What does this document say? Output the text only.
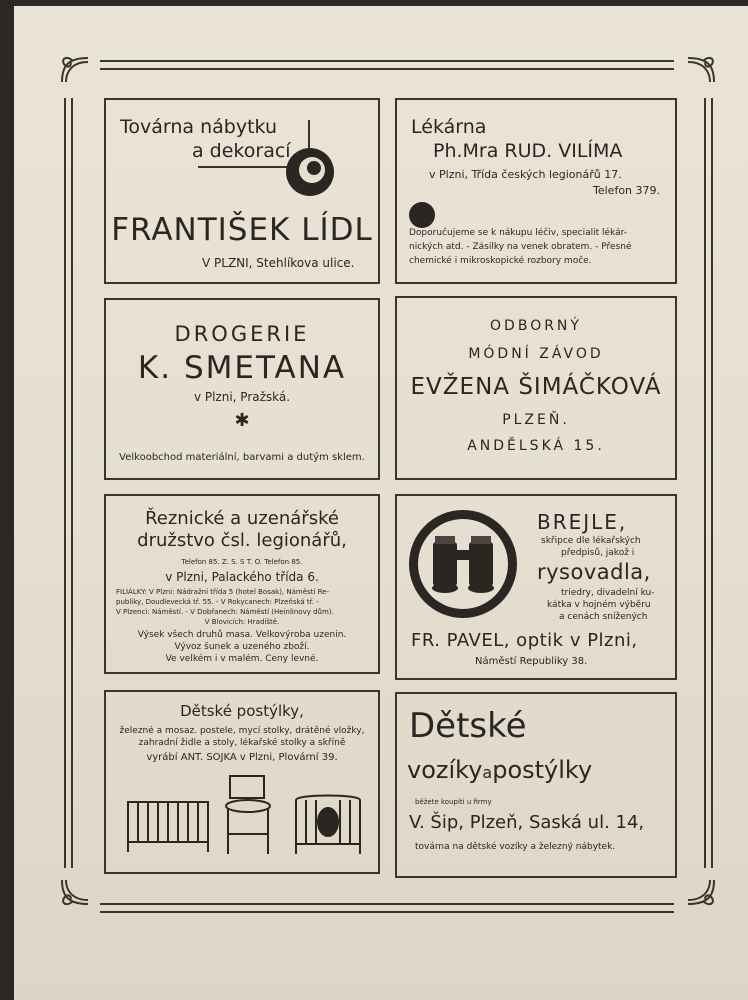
Továrna nábytku
a dekorací
FRANTIŠEK LÍDL
V PLZNI, Stehlíkova ulice.
Lékárna
Ph.Mra RUD. VILÍMA
v Plzni, Třída českých legionářů 17.
Telefon 379.
Doporučujeme se k nákupu léčiv, specialit lékár-
nických atd. - Zásilky na venek obratem. - Přesné
chemické i mikroskopické rozbory moče.
DROGERIE
K. SMETANA
v Plzni, Pražská.
✱
Velkoobchod materiální, barvami a dutým sklem.
ODBORNÝ
MÓDNÍ ZÁVOD
EVŽENA ŠIMÁČKOVÁ
PLZEŇ.
ANDĚLSKÁ 15.
Řeznické a uzenářské
družstvo čsl. legionářů,
Telefon 85. Z. S. S T. O. Telefon 85.
v Plzni, Palackého třída 6.
FILIÁLKY: V Plzni: Nádražní třída 5 (hotel Bosak), Náměstí Re-
publiky, Doudlevecká tř. 55. - V Rokycanech: Plzeňská tř. -
V Plzenci: Náměstí. - V Dobřanech: Náměstí (Heinlinovy dům).
V Blovicích: Hradiště.
Výsek všech druhů masa. Velkovýroba uzenin.
Vývoz šunek a uzeného zboží.
Ve velkém i v malém. Ceny levné.
BREJLE,
skřipce dle lékařských
předpisů, jakož i
rysovadla,
triedry, divadelní ku-
kátka v hojném výběru
a cenách snížených
FR. PAVEL, optik v Plzni,
Náměstí Republiky 38.
Dětské postýlky,
železné a mosaz. postele, mycí stolky, drátěné vložky,
zahradní židle a stoly, lékařské stolky a skříně
vyrábí ANT. SOJKA v Plzni, Plovární 39.
Dětské
vozíkyapostýlky
běžete koupiti u firmy
V. Šip, Plzeň, Saská ul. 14,
továrna na dětské vozíky a železný nábytek.
